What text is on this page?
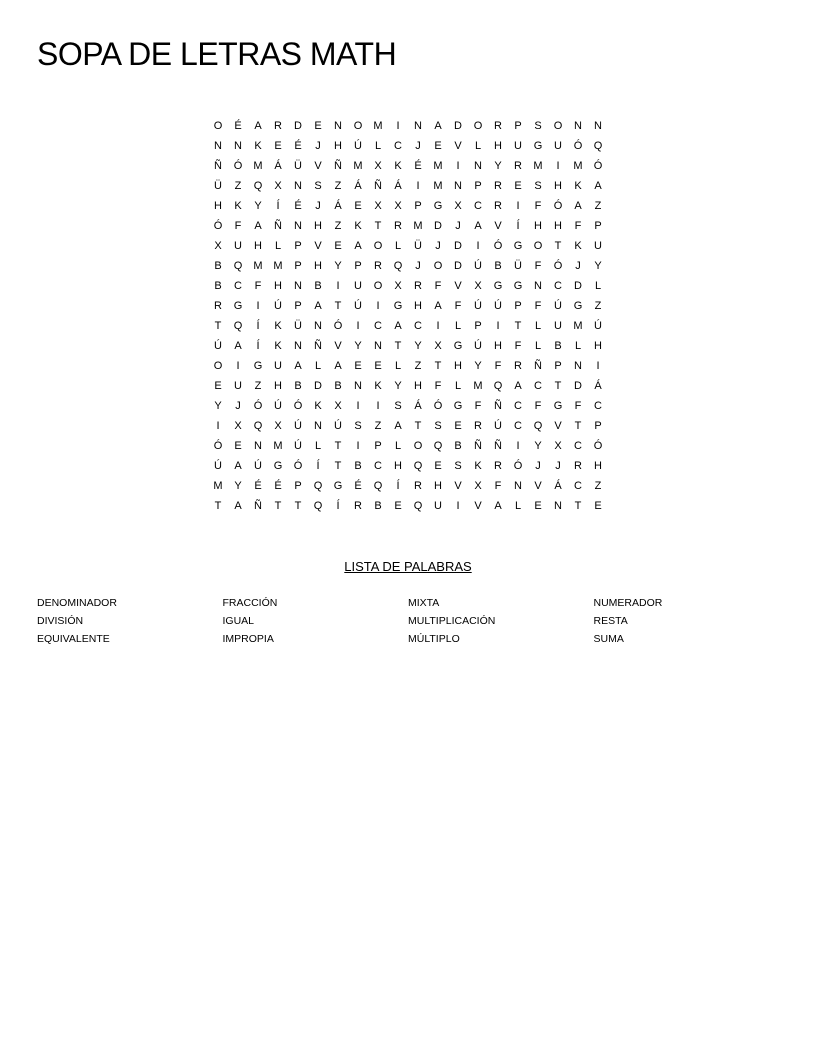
SOPA DE LETRAS MATH
O	É	A	R	D	E	N	O	M	I	N	A	D	O	R	P	S	O	N	N
N	N	K	E	É	J	H	Ú	L	C	J	E	V	L	H	U	G	U	Ó	Q
Ñ	Ó	M	Á	Ü	V	Ñ	M	X	K	É	M	I	N	Y	R	M	I	M	Ó
Ü	Z	Q	X	N	S	Z	Á	Ñ	Á	I	M	N	P	R	E	S	H	K	A
H	K	Y	Í	É	J	Á	E	X	X	P	G	X	C	R	I	F	Ó	A	Z
Ó	F	A	Ñ	N	H	Z	K	T	R	M	D	J	A	V	Í	H	H	F	P
X	U	H	L	P	V	E	A	O	L	Ü	J	D	I	Ó	G	O	T	K	U
B	Q	M M	P	H	Y	P	R	Q	J	O	D	Ú	B	Ü	F	Ó	J	Y
B	C	F	H	N	B	I	U	O	X	R	F	V	X	G	G	N	C	D	L
R	G	I	Ú	P	A	T	Ú	I	G	H	A	F	Ú	Ú	P	F	Ú	G	Z
T	Q	Í	K	Ü	N	Ó	I	C	A	C	I	L	P	I	T	L	U	M	Ú
Ú	A	Í	K	N	Ñ	V	Y	N	T	Y	X	G	Ú	H	F	L	B	L	H
O	I	G	U	A	L	A	E	E	L	Z	T	H	Y	F	R	Ñ	P	N	I
E	U	Z	H	B	D	B	N	K	Y	H	F	L	M	Q	A	C	T	D	Á
Y	J	Ó	Ú	Ó	K	X	I	I	S	Á	Ó	G	F	Ñ	C	F	G	F	C
I	X	Q	X	Ú	N	Ú	S	Z	A	T	S	E	R	Ú	C	Q	V	T	P
Ó	E	N	M	Ú	L	T	I	P	L	O	Q	B	Ñ	Ñ	I	Y	X	C	Ó
Ú	A	Ú	G	Ó	Í	T	B	C	H	Q	E	S	K	R	Ó	J	J	R	H
M	Y	É	É	P	Q	G	É	Q	Í	R	H	V	X	F	N	V	Á	C	Z
T	A	Ñ	T	T	Q	Í	R	B	E	Q	U	I	V	A	L	E	N	T	E
LISTA DE PALABRAS
DENOMINADOR	FRACCIÓN	MIXTA	NUMERADOR
DIVISIÓN	IGUAL	MULTIPLICACIÓN	RESTA
EQUIVALENTE	IMPROPIA	MÚLTIPLO	SUMA
